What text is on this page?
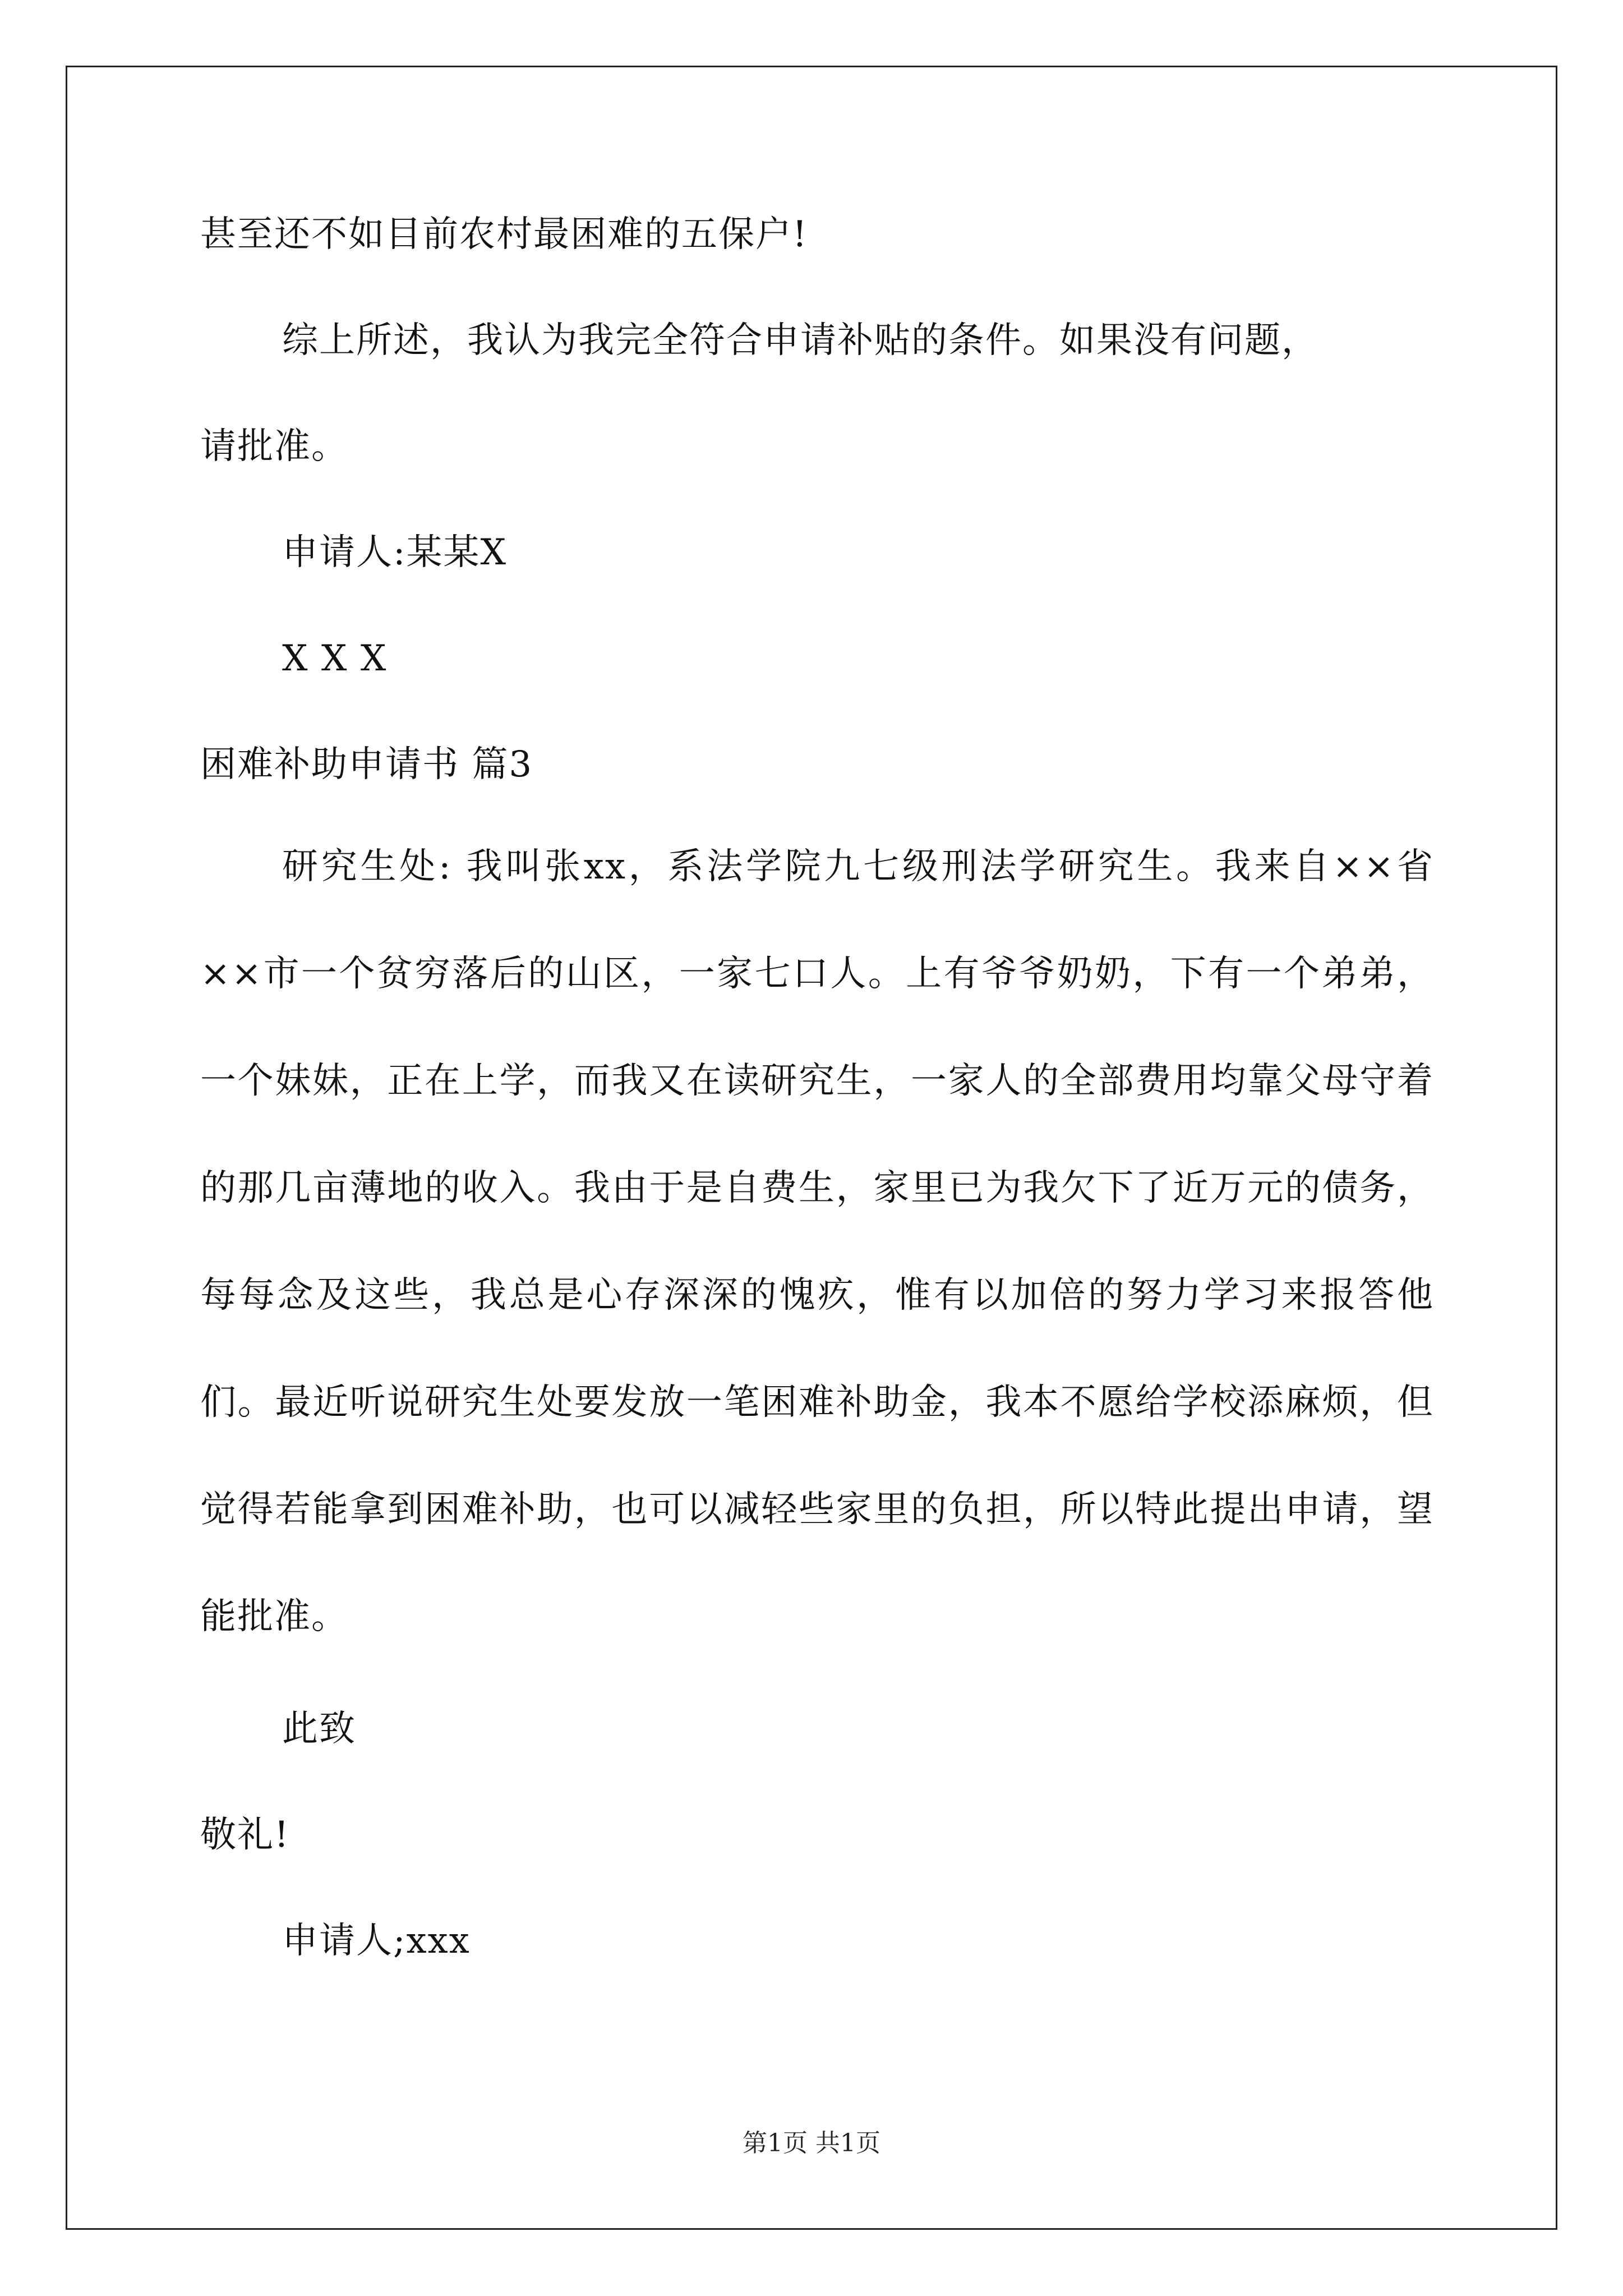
甚至还不如目前农村最困难的五保户!
综上所述，我认为我完全符合申请补贴的条件。如果没有问题，
请批准。
申请人:某某X
X X X
困难补助申请书 篇3
研究生处: 我叫张xx，系法学院九七级刑法学研究生。我来自××省××市一个贫穷落后的山区，一家七口人。上有爷爷奶奶，下有一个弟弟，一个妹妹，正在上学，而我又在读研究生，一家人的全部费用均靠父母守着的那几亩薄地的收入。我由于是自费生，家里已为我欠下了近万元的债务，每每念及这些，我总是心存深深的愧疚，惟有以加倍的努力学习来报答他们。最近听说研究生处要发放一笔困难补助金，我本不愿给学校添麻烦，但觉得若能拿到困难补助，也可以减轻些家里的负担，所以特此提出申请，望能批准。
此致
敬礼!
申请人;xxx
第1页 共1页
